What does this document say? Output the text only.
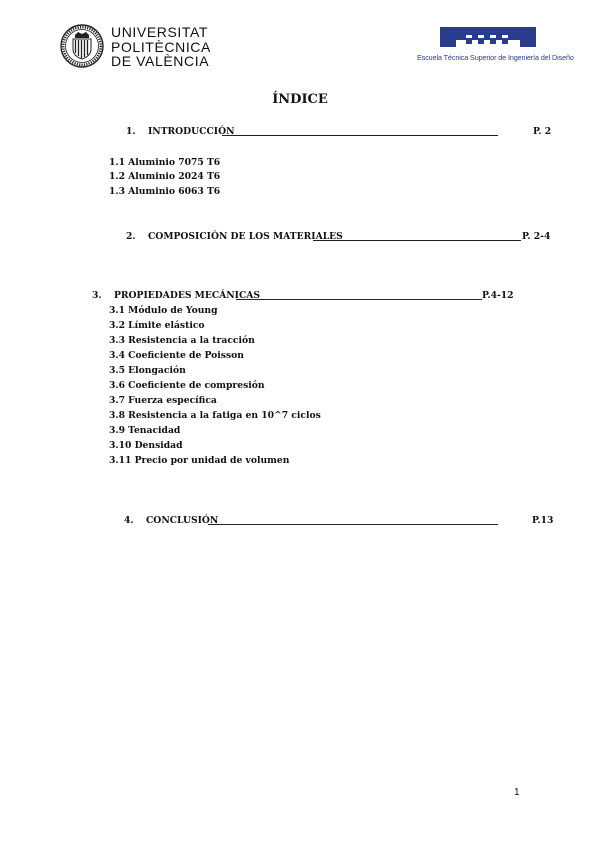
UNIVERSITAT
POLITÈCNICA
DE VALÈNCIA	Escuela Técnica Superior de Ingeniería del Diseño
ÍNDICE
1. INTRODUCCIÓN	P. 2
1.1 Aluminio 7075 T6
1.2 Aluminio 2024 T6
1.3 Aluminio 6063 T6
2. COMPOSICIÓN DE LOS MATERIALES	P. 2-4
3. PROPIEDADES MECÁNICAS	P.4-12
3.1 Módulo de Young
3.2 Límite elástico
3.3 Resistencia a la tracción
3.4 Coeficiente de Poisson
3.5 Elongación
3.6 Coeficiente de compresión
3.7 Fuerza específica
3.8 Resistencia a la fatiga en 10^7 ciclos
3.9 Tenacidad
3.10 Densidad
3.11 Precio por unidad de volumen
4. CONCLUSIÓN	P.13
1
